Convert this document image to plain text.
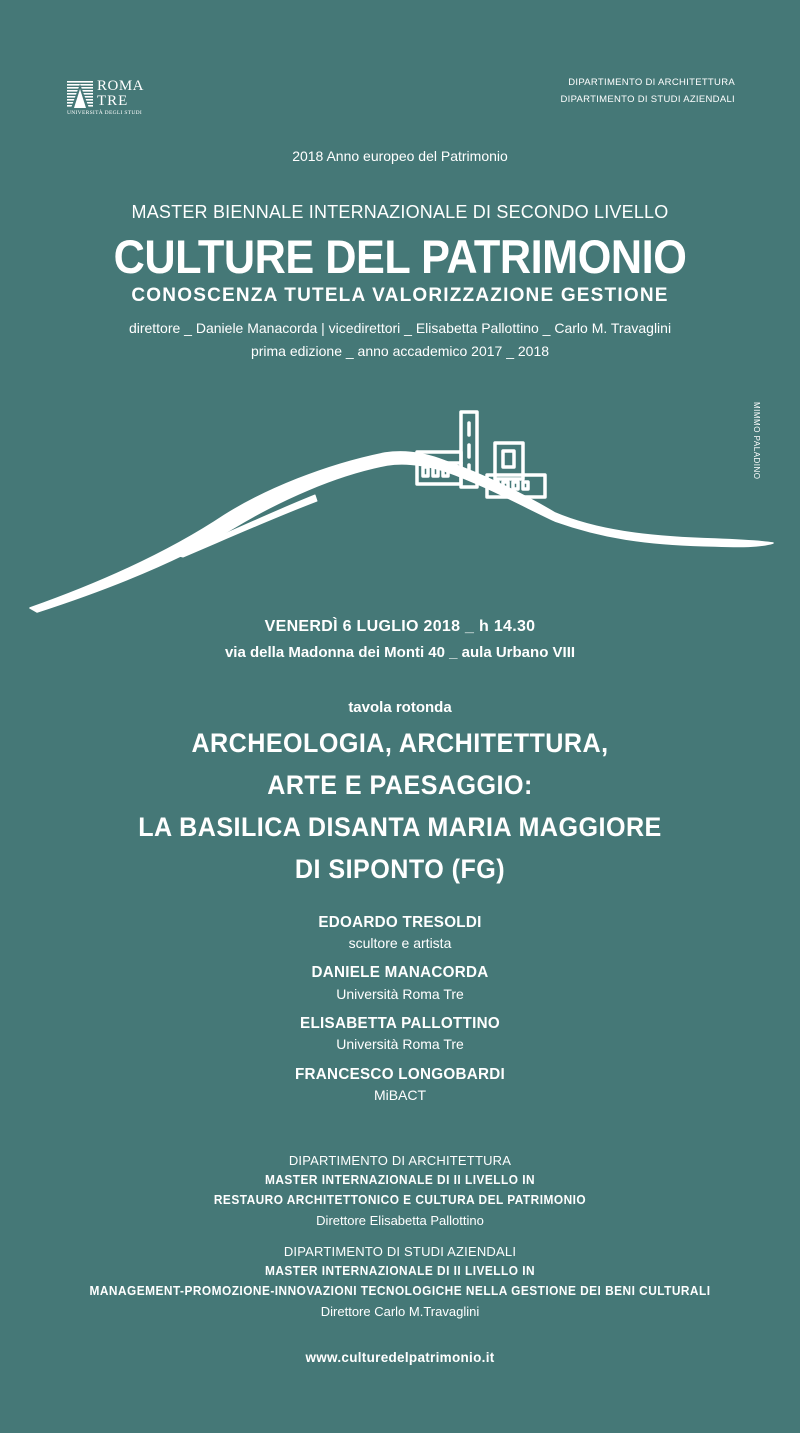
ROMA
TRE
UNIVERSITÀ DEGLI STUDI
DIPARTIMENTO DI ARCHITETTURA
DIPARTIMENTO DI STUDI AZIENDALI
2018 Anno europeo del Patrimonio
MASTER BIENNALE INTERNAZIONALE DI SECONDO LIVELLO
CULTURE DEL PATRIMONIO
CONOSCENZA TUTELA VALORIZZAZIONE GESTIONE
direttore _ Daniele Manacorda | vicedirettori _ Elisabetta Pallottino _ Carlo M. Travaglini
prima edizione _ anno accademico 2017 _ 2018
MIMMO PALADINO
VENERDÌ 6 LUGLIO 2018 _ h 14.30
via della Madonna dei Monti 40 _ aula Urbano VIII
tavola rotonda
ARCHEOLOGIA, ARCHITETTURA,
ARTE E PAESAGGIO:
LA BASILICA DISANTA MARIA MAGGIORE
DI SIPONTO (FG)
EDOARDO TRESOLDI
scultore e artista
DANIELE MANACORDA
Università Roma Tre
ELISABETTA PALLOTTINO
Università Roma Tre
FRANCESCO LONGOBARDI
MiBACT
DIPARTIMENTO DI ARCHITETTURA
MASTER INTERNAZIONALE DI II LIVELLO IN
RESTAURO ARCHITETTONICO E CULTURA DEL PATRIMONIO
Direttore Elisabetta Pallottino
DIPARTIMENTO DI STUDI AZIENDALI
MASTER INTERNAZIONALE DI II LIVELLO IN
MANAGEMENT-PROMOZIONE-INNOVAZIONI TECNOLOGICHE NELLA GESTIONE DEI BENI CULTURALI
Direttore Carlo M.Travaglini
www.culturedelpatrimonio.it
